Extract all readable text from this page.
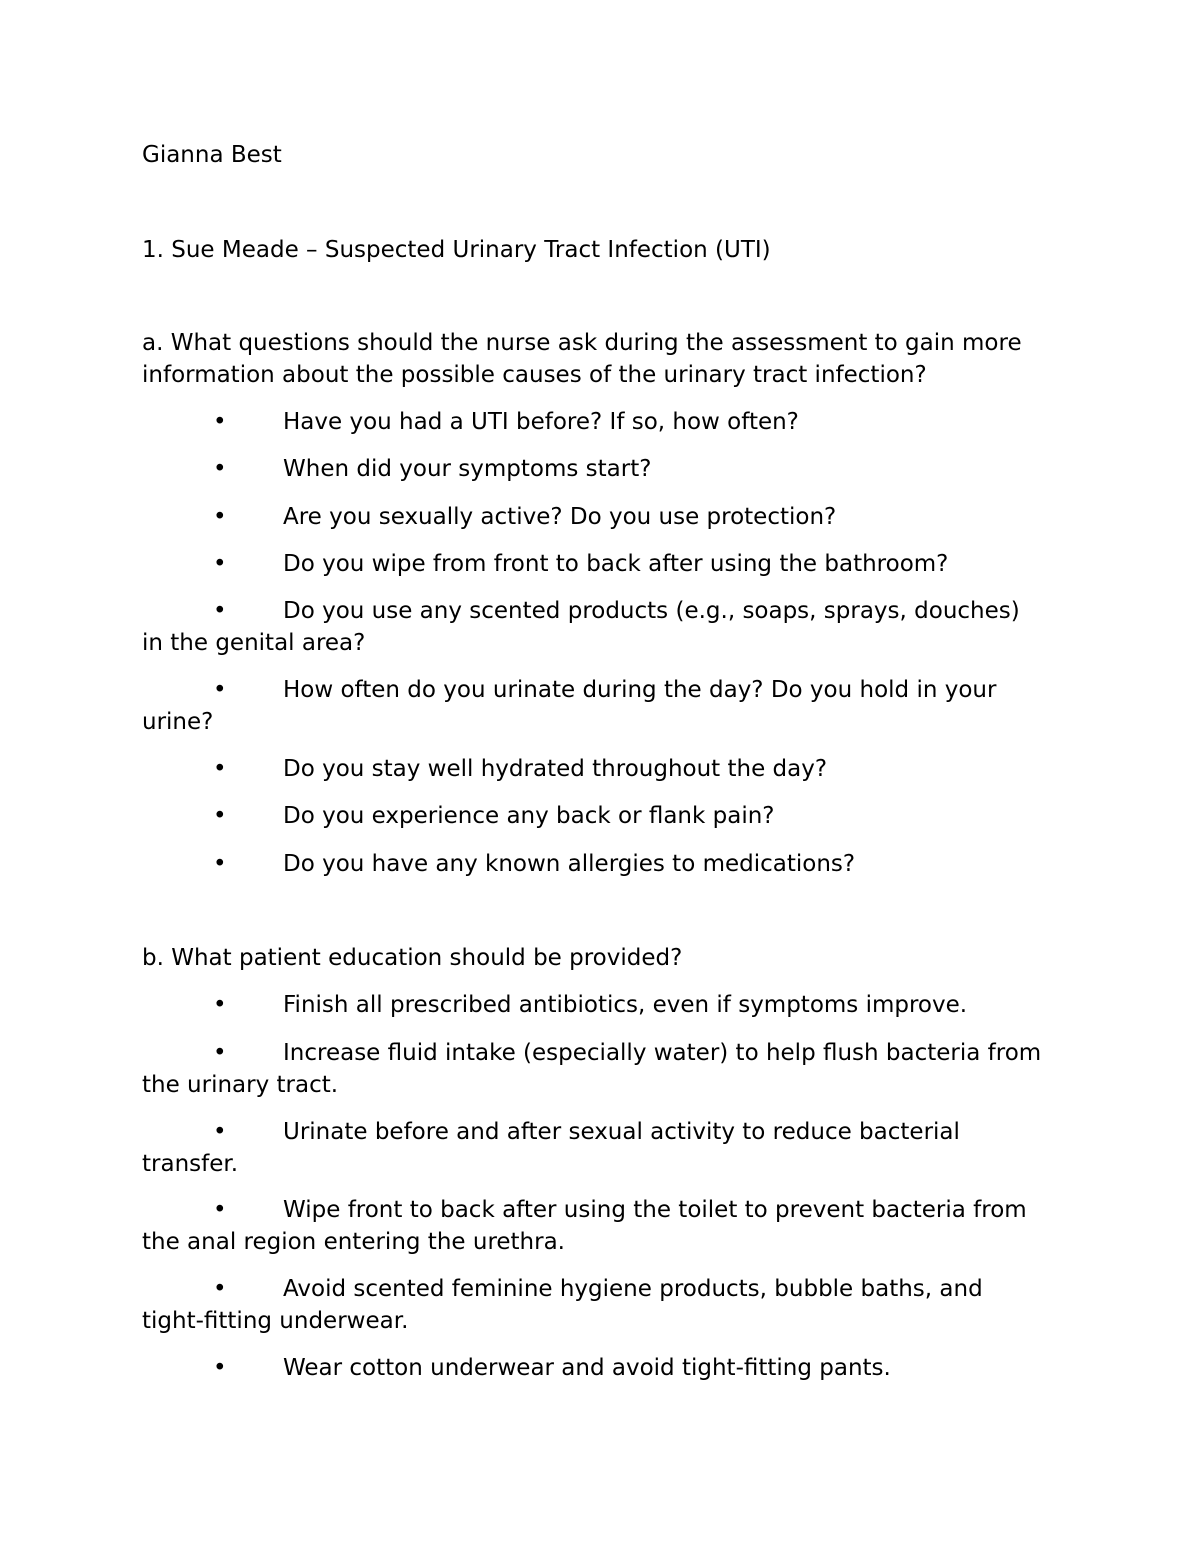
Gianna Best

1. Sue Meade – Suspected Urinary Tract Infection (UTI)

a. What questions should the nurse ask during the assessment to gain more

information about the possible causes of the urinary tract infection?

• Have you had a UTI before? If so, how often?
• When did your symptoms start?
• Are you sexually active? Do you use protection?
• Do you wipe from front to back after using the bathroom?
• Do you use any scented products (e.g., soaps, sprays, douches)
in the genital area?
• How often do you urinate during the day? Do you hold in your
urine?
• Do you stay well hydrated throughout the day?
• Do you experience any back or flank pain?
• Do you have any known allergies to medications?

b. What patient education should be provided?

• Finish all prescribed antibiotics, even if symptoms improve.
• Increase fluid intake (especially water) to help flush bacteria from
the urinary tract.
• Urinate before and after sexual activity to reduce bacterial
transfer.
• Wipe front to back after using the toilet to prevent bacteria from
the anal region entering the urethra.
• Avoid scented feminine hygiene products, bubble baths, and
tight-fitting underwear.
• Wear cotton underwear and avoid tight-fitting pants.
